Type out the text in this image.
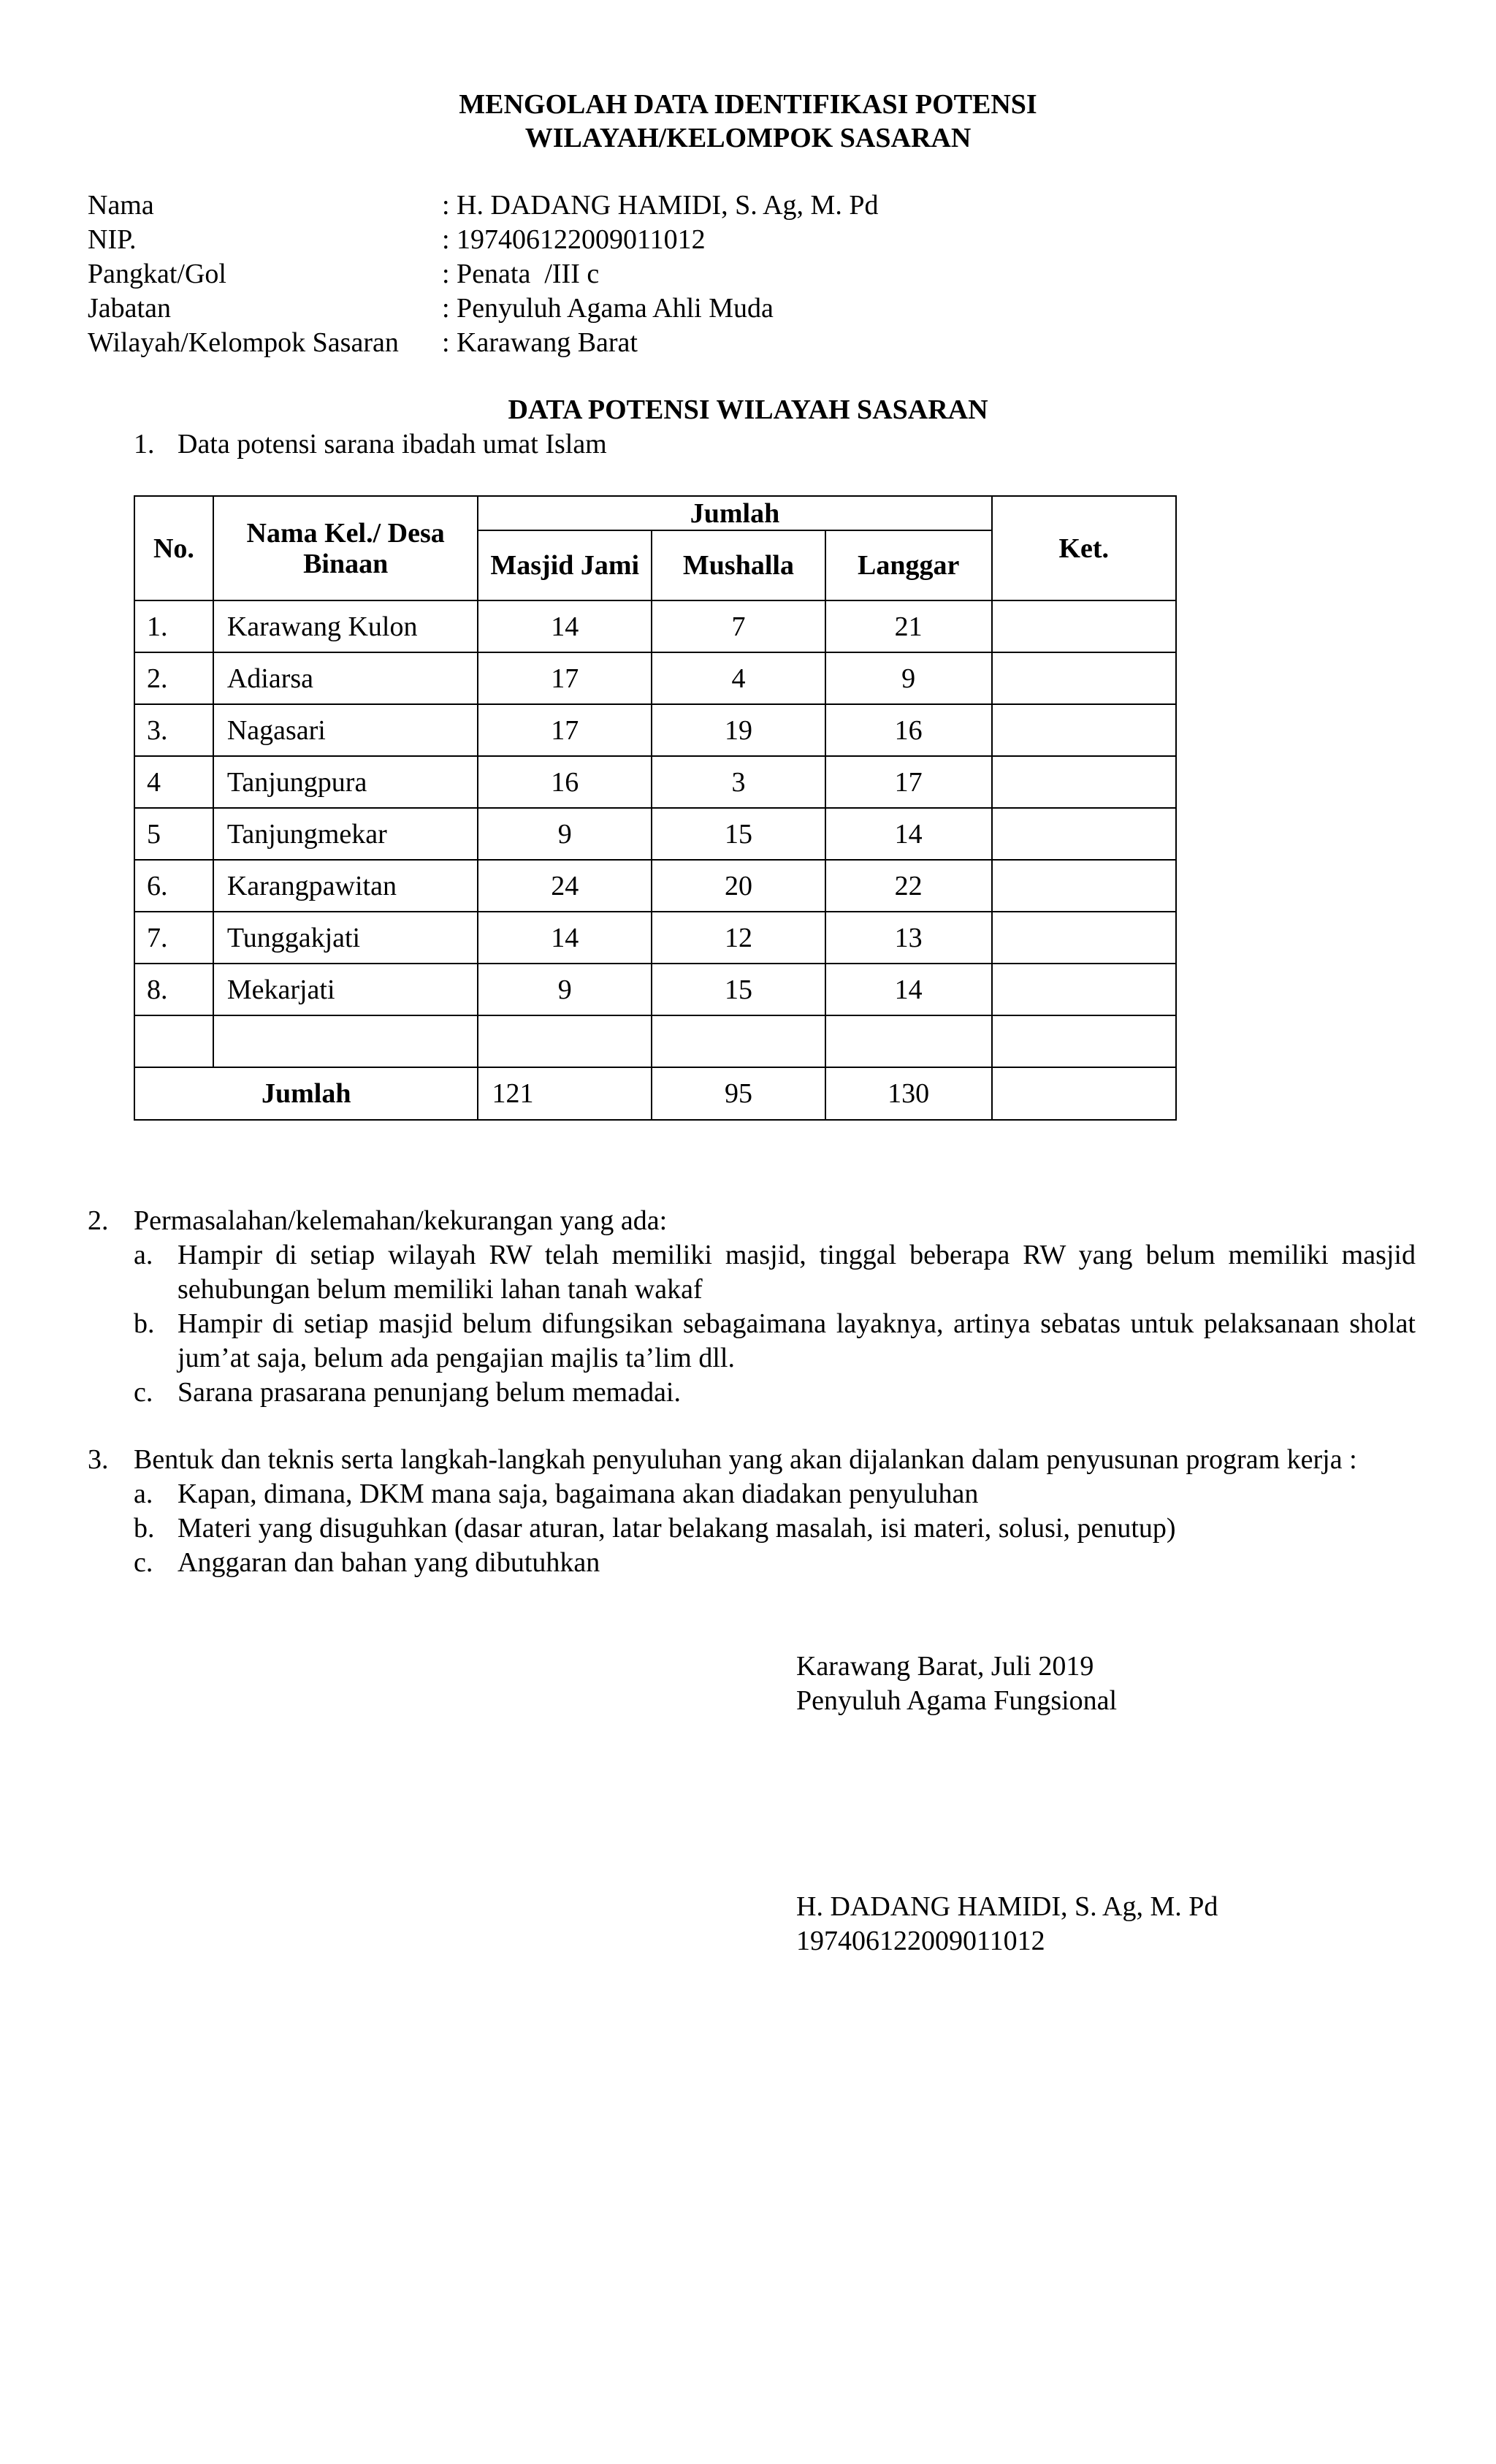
MENGOLAH DATA IDENTIFIKASI POTENSI
WILAYAH/KELOMPOK SASARAN
Nama	: H. DADANG HAMIDI, S. Ag, M. Pd
NIP.	: 197406122009011012
Pangkat/Gol	: Penata  /III c
Jabatan	: Penyuluh Agama Ahli Muda
Wilayah/Kelompok Sasaran	: Karawang Barat
DATA POTENSI WILAYAH SASARAN
1. Data potensi sarana ibadah umat Islam
No.	Nama Kel./ Desa Binaan	Jumlah			Ket.
		Masjid Jami	Mushalla	Langgar	
1.	Karawang Kulon	14	7	21	
2.	Adiarsa	17	4	9	
3.	Nagasari	17	19	16	
4	Tanjungpura	16	3	17	
5	Tanjungmekar	9	15	14	
6.	Karangpawitan	24	20	22	
7.	Tunggakjati	14	12	13	
8.	Mekarjati	9	15	14	

Jumlah		121	95	130	
2. Permasalahan/kelemahan/kekurangan yang ada:
a. Hampir di setiap wilayah RW telah memiliki masjid, tinggal beberapa RW yang belum memiliki masjid sehubungan belum memiliki lahan tanah wakaf
b. Hampir di setiap masjid belum difungsikan sebagaimana layaknya, artinya sebatas untuk pelaksanaan sholat jum’at saja, belum ada pengajian majlis ta’lim dll.
c. Sarana prasarana penunjang belum memadai.
3. Bentuk dan teknis serta langkah-langkah penyuluhan yang akan dijalankan dalam penyusunan program kerja :
a. Kapan, dimana, DKM mana saja, bagaimana akan diadakan penyuluhan
b. Materi yang disuguhkan (dasar aturan, latar belakang masalah, isi materi, solusi, penutup)
c. Anggaran dan bahan yang dibutuhkan
Karawang Barat, Juli 2019
Penyuluh Agama Fungsional
H. DADANG HAMIDI, S. Ag, M. Pd
197406122009011012
